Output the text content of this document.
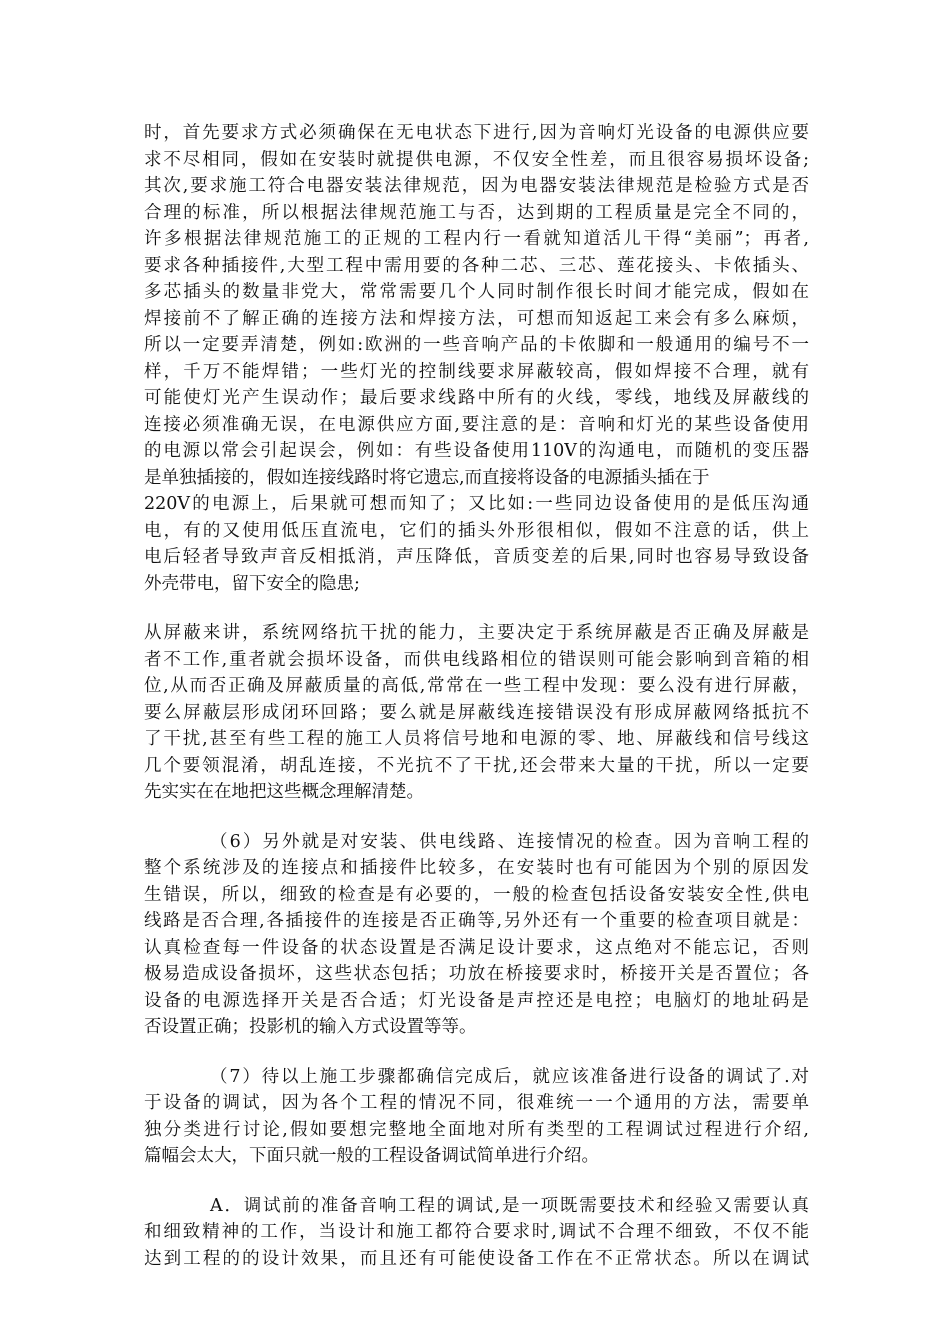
时，首先要求方式必须确保在无电状态下进行,因为音响灯光设备的电源供应要
求不尽相同，假如在安装时就提供电源，不仅安全性差，而且很容易损坏设备;
其次,要求施工符合电器安装法律规范，因为电器安装法律规范是检验方式是否
合理的标准，所以根据法律规范施工与否，达到期的工程质量是完全不同的，
许多根据法律规范施工的正规的工程内行一看就知道活儿干得“美丽”；再者,
要求各种插接件,大型工程中需用要的各种二芯、三芯、莲花接头、卡侬插头、
多芯插头的数量非党大，常常需要几个人同时制作很长时间才能完成，假如在
焊接前不了解正确的连接方法和焊接方法，可想而知返起工来会有多么麻烦，
所以一定要弄清楚，例如:欧洲的一些音响产品的卡侬脚和一般通用的编号不一
样，千万不能焊错；一些灯光的控制线要求屏蔽较高，假如焊接不合理，就有
可能使灯光产生误动作；最后要求线路中所有的火线，零线，地线及屏蔽线的
连接必须准确无误，在电源供应方面,要注意的是：音响和灯光的某些设备使用
的电源以常会引起误会，例如：有些设备使用110V的沟通电，而随机的变压器
是单独插接的，假如连接线路时将它遗忘,而直接将设备的电源插头插在于
220V的电源上，后果就可想而知了；又比如:一些同边设备使用的是低压沟通
电，有的又使用低压直流电，它们的插头外形很相似，假如不注意的话，供上
电后轻者导致声音反相抵消，声压降低，音质变差的后果,同时也容易导致设备
外壳带电，留下安全的隐患;
从屏蔽来讲，系统网络抗干扰的能力，主要决定于系统屏蔽是否正确及屏蔽是
者不工作,重者就会损坏设备，而供电线路相位的错误则可能会影响到音箱的相
位,从而否正确及屏蔽质量的高低,常常在一些工程中发现：要么没有进行屏蔽，
要么屏蔽层形成闭环回路；要么就是屏蔽线连接错误没有形成屏蔽网络抵抗不
了干扰,甚至有些工程的施工人员将信号地和电源的零、地、屏蔽线和信号线这
几个要领混淆，胡乱连接，不光抗不了干扰,还会带来大量的干扰，所以一定要
先实实在在地把这些概念理解清楚。
（6）另外就是对安装、供电线路、连接情况的检查。因为音响工程的
整个系统涉及的连接点和插接件比较多，在安装时也有可能因为个别的原因发
生错误，所以，细致的检查是有必要的，一般的检查包括设备安装安全性,供电
线路是否合理,各插接件的连接是否正确等,另外还有一个重要的检查项目就是：
认真检查每一件设备的状态设置是否满足设计要求，这点绝对不能忘记，否则
极易造成设备损坏，这些状态包括；功放在桥接要求时，桥接开关是否置位；各
设备的电源选择开关是否合适；灯光设备是声控还是电控；电脑灯的地址码是
否设置正确；投影机的输入方式设置等等。
（7）待以上施工步骤都确信完成后，就应该准备进行设备的调试了.对
于设备的调试，因为各个工程的情况不同，很难统一一个通用的方法，需要单
独分类进行讨论,假如要想完整地全面地对所有类型的工程调试过程进行介绍,
篇幅会太大，下面只就一般的工程设备调试简单进行介绍。
A．调试前的准备音响工程的调试,是一项既需要技术和经验又需要认真
和细致精神的工作，当设计和施工都符合要求时,调试不合理不细致，不仅不能
达到工程的的设计效果，而且还有可能使设备工作在不正常状态。所以在调试
